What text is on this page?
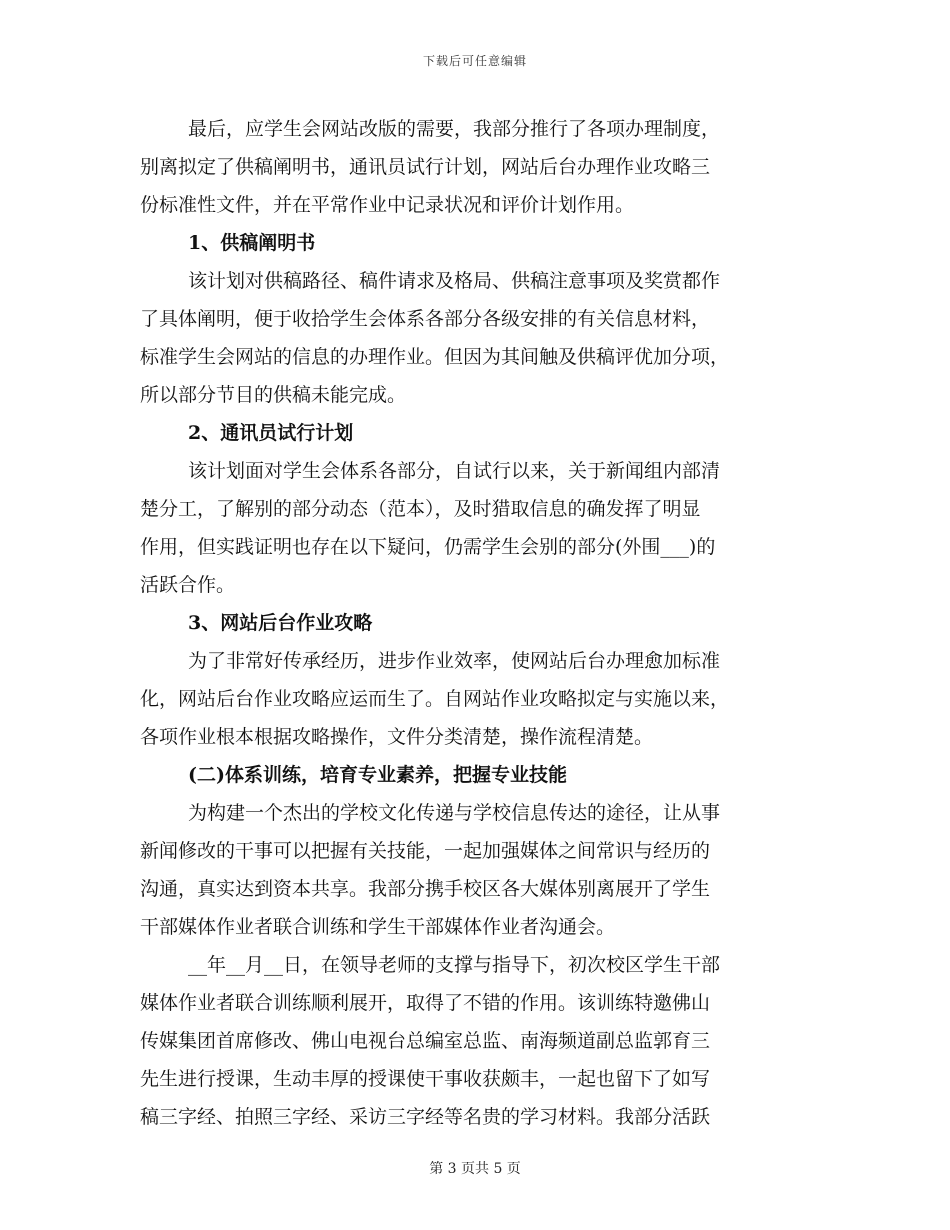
下载后可任意编辑
最后，应学生会网站改版的需要，我部分推行了各项办理制度，
别离拟定了供稿阐明书，通讯员试行计划，网站后台办理作业攻略三
份标准性文件，并在平常作业中记录状况和评价计划作用。
1、供稿阐明书
该计划对供稿路径、稿件请求及格局、供稿注意事项及奖赏都作
了具体阐明，便于收拾学生会体系各部分各级安排的有关信息材料，
标准学生会网站的信息的办理作业。但因为其间触及供稿评优加分项，
所以部分节目的供稿未能完成。
2、通讯员试行计划
该计划面对学生会体系各部分，自试行以来，关于新闻组内部清
楚分工，了解别的部分动态（范本），及时猎取信息的确发挥了明显
作用，但实践证明也存在以下疑问，仍需学生会别的部分(外围___)的
活跃合作。
3、网站后台作业攻略
为了非常好传承经历，进步作业效率，使网站后台办理愈加标准
化，网站后台作业攻略应运而生了。自网站作业攻略拟定与实施以来，
各项作业根本根据攻略操作，文件分类清楚，操作流程清楚。
(二)体系训练，培育专业素养，把握专业技能
为构建一个杰出的学校文化传递与学校信息传达的途径，让从事
新闻修改的干事可以把握有关技能，一起加强媒体之间常识与经历的
沟通，真实达到资本共享。我部分携手校区各大媒体别离展开了学生
干部媒体作业者联合训练和学生干部媒体作业者沟通会。
__年__月__日，在领导老师的支撑与指导下，初次校区学生干部
媒体作业者联合训练顺利展开，取得了不错的作用。该训练特邀佛山
传媒集团首席修改、佛山电视台总编室总监、南海频道副总监郭育三
先生进行授课，生动丰厚的授课使干事收获颇丰，一起也留下了如写
稿三字经、拍照三字经、采访三字经等名贵的学习材料。我部分活跃
第 3 页共 5 页
